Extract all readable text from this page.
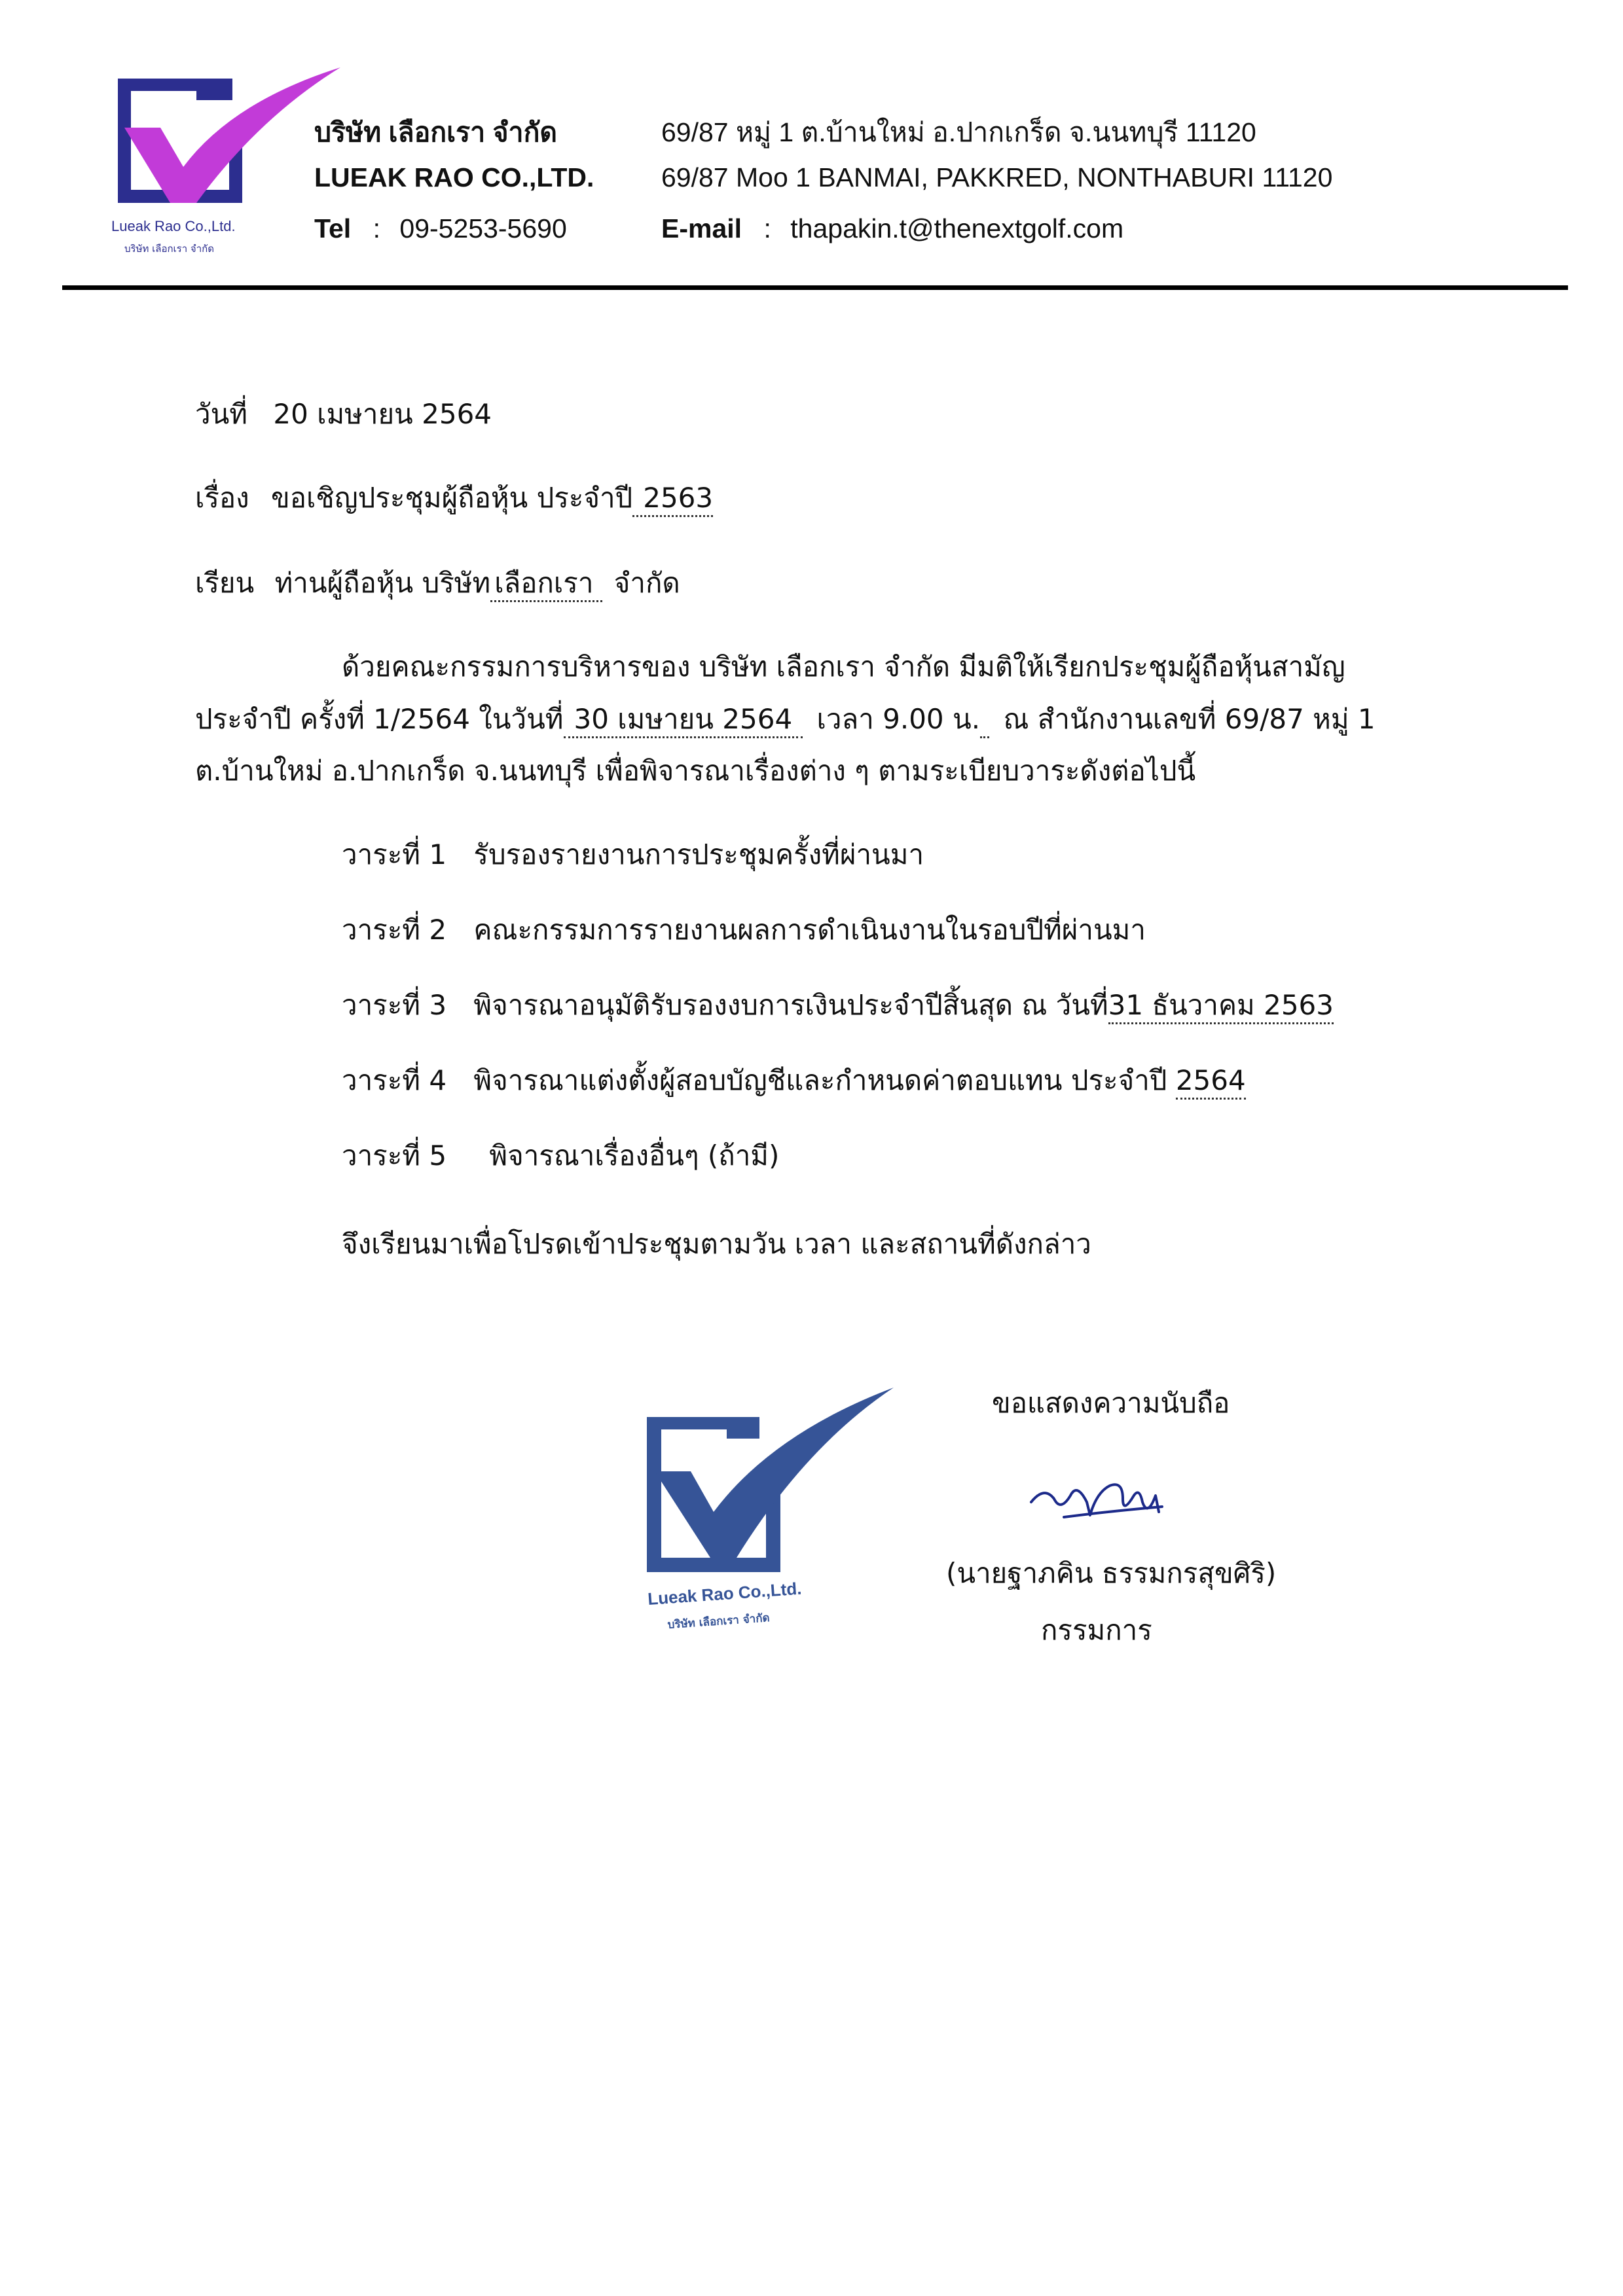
Lueak Rao Co.,Ltd.
บริษัท เลือกเรา จำกัด
บริษัท เลือกเรา จำกัด
LUEAK RAO CO.,LTD.
Tel : 09-5253-5690
69/87 หมู่ 1 ต.บ้านใหม่ อ.ปากเกร็ด จ.นนทบุรี 11120
69/87 Moo 1 BANMAI, PAKKRED, NONTHABURI 11120
E-mail : thapakin.t@thenextgolf.com
วันที่ 20 เมษายน 2564
เรื่อง ขอเชิญประชุมผู้ถือหุ้น ประจำปี 2563
เรียน ท่านผู้ถือหุ้น บริษัท เลือกเรา จำกัด
ด้วยคณะกรรมการบริหารของ บริษัท เลือกเรา จำกัด มีมติให้เรียกประชุมผู้ถือหุ้นสามัญ
ประจำปี ครั้งที่ 1/2564 ในวันที่ 30 เมษายน 2564 เวลา 9.00 น. ณ สำนักงานเลขที่ 69/87 หมู่ 1
ต.บ้านใหม่ อ.ปากเกร็ด จ.นนทบุรี เพื่อพิจารณาเรื่องต่าง ๆ ตามระเบียบวาระดังต่อไปนี้
วาระที่ 1 รับรองรายงานการประชุมครั้งที่ผ่านมา
วาระที่ 2 คณะกรรมการรายงานผลการดำเนินงานในรอบปีที่ผ่านมา
วาระที่ 3 พิจารณาอนุมัติรับรองงบการเงินประจำปีสิ้นสุด ณ วันที่31 ธันวาคม 2563
วาระที่ 4 พิจารณาแต่งตั้งผู้สอบบัญชีและกำหนดค่าตอบแทน ประจำปี 2564
วาระที่ 5 พิจารณาเรื่องอื่นๆ (ถ้ามี)
จึงเรียนมาเพื่อโปรดเข้าประชุมตามวัน เวลา และสถานที่ดังกล่าว
Lueak Rao Co.,Ltd.
บริษัท เลือกเรา จำกัด
ขอแสดงความนับถือ
(นายฐาภคิน ธรรมกรสุขศิริ)
กรรมการ
